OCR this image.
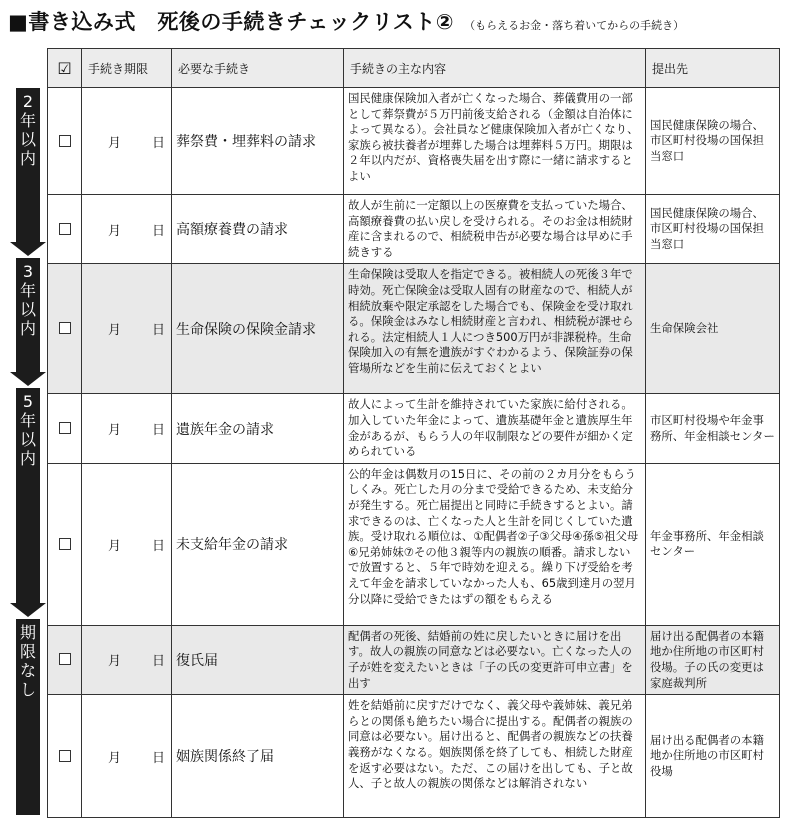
■書き込み式　死後の手続きチェックリスト② （もらえるお金・落ち着いてからの手続き）
2
年
以
内
3
年
以
内
5
年
以
内
期
限
な
し
☑	手続き期限	必要な手続き	手続きの主な内容	提出先

	月 日	葬祭費・埋葬料の請求	国民健康保険加入者が亡くなった場合、葬儀費用の一部として葬祭費が５万円前後支給される（金額は自治体によって異なる）。会社員など健康保険加入者が亡くなり、家族ら被扶養者が埋葬した場合は埋葬料５万円。期限は２年以内だが、資格喪失届を出す際に一緒に請求するとよい	国民健康保険の場合、市区町村役場の国保担当窓口

	月 日	高額療養費の請求	故人が生前に一定額以上の医療費を支払っていた場合、高額療養費の払い戻しを受けられる。そのお金は相続財産に含まれるので、相続税申告が必要な場合は早めに手続きする	国民健康保険の場合、市区町村役場の国保担当窓口

	月 日	生命保険の保険金請求	生命保険は受取人を指定できる。被相続人の死後３年で時効。死亡保険金は受取人固有の財産なので、相続人が相続放棄や限定承認をした場合でも、保険金を受け取れる。保険金はみなし相続財産と言われ、相続税が課せられる。法定相続人１人につき500万円が非課税枠。生命保険加入の有無を遺族がすぐわかるよう、保険証券の保管場所などを生前に伝えておくとよい	生命保険会社

	月 日	遺族年金の請求	故人によって生計を維持されていた家族に給付される。加入していた年金によって、遺族基礎年金と遺族厚生年金があるが、もらう人の年収制限などの要件が細かく定められている	市区町村役場や年金事務所、年金相談センター

	月 日	未支給年金の請求	公的年金は偶数月の15日に、その前の２カ月分をもらうしくみ。死亡した月の分まで受給できるため、未支給分が発生する。死亡届提出と同時に手続きするとよい。請求できるのは、亡くなった人と生計を同じくしていた遺族。受け取れる順位は、①配偶者②子③父母④孫⑤祖父母⑥兄弟姉妹⑦その他３親等内の親族の順番。請求しないで放置すると、５年で時効を迎える。繰り下げ受給を考えて年金を請求していなかった人も、65歳到達月の翌月分以降に受給できたはずの額をもらえる	年金事務所、年金相談センター

	月 日	復氏届	配偶者の死後、結婚前の姓に戻したいときに届けを出す。故人の親族の同意などは必要ない。亡くなった人の子が姓を変えたいときは「子の氏の変更許可申立書」を出す	届け出る配偶者の本籍地か住所地の市区町村役場。子の氏の変更は家庭裁判所

	月 日	姻族関係終了届	姓を結婚前に戻すだけでなく、義父母や義姉妹、義兄弟らとの関係も絶ちたい場合に提出する。配偶者の親族の同意は必要ない。届け出ると、配偶者の親族などの扶養義務がなくなる。姻族関係を終了しても、相続した財産を返す必要はない。ただ、この届けを出しても、子と故人、子と故人の親族の関係などは解消されない	届け出る配偶者の本籍地か住所地の市区町村役場
